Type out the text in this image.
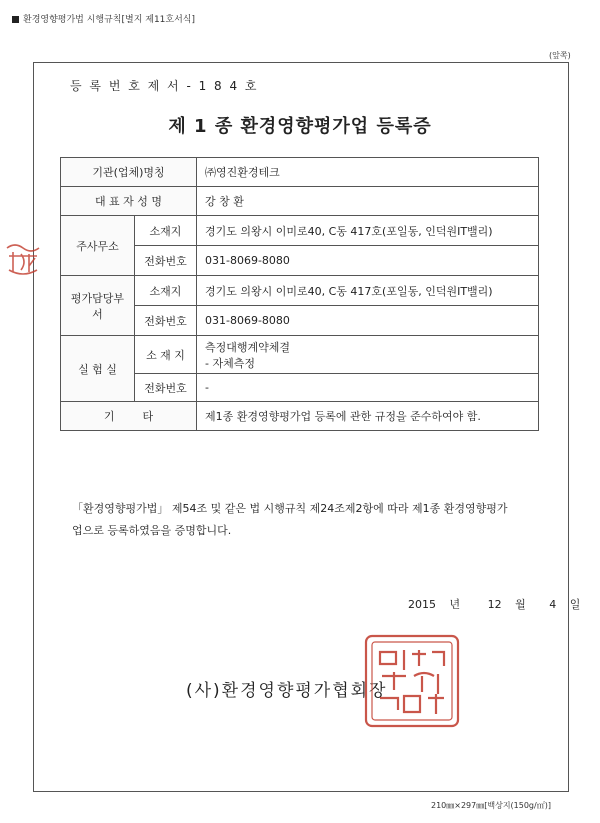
환경영향평가법 시행규칙[별지 제11호서식]
(앞쪽)
등 록 번 호 제 서 - 1 8 4 호
제 1 종 환경영향평가업 등록증
기관(업체)명칭		㈜영진환경테크
대 표 자 성 명		강 창 환
주사무소	소재지	경기도 의왕시 이미로40, C동 417호(포일동, 인덕원IT밸리)
	전화번호	031-8069-8080
평가담당부서	소재지	경기도 의왕시 이미로40, C동 417호(포일동, 인덕원IT밸리)
	전화번호	031-8069-8080
실 험 실	소 재 지	측정대행계약체결
- 자체측정

	전화번호	-
기        타		제1종 환경영향평가업 등록에 관한 규정을 준수하여야 함.
「환경영향평가법」 제54조 및 같은 법 시행규칙 제24조제2항에 따라 제1종 환경영향평가
업으로 등록하였음을 증명합니다.
2015 년	12 월 4 일
(사)환경영향평가협회장
210㎜×297㎜[백상지(150g/㎡)]
